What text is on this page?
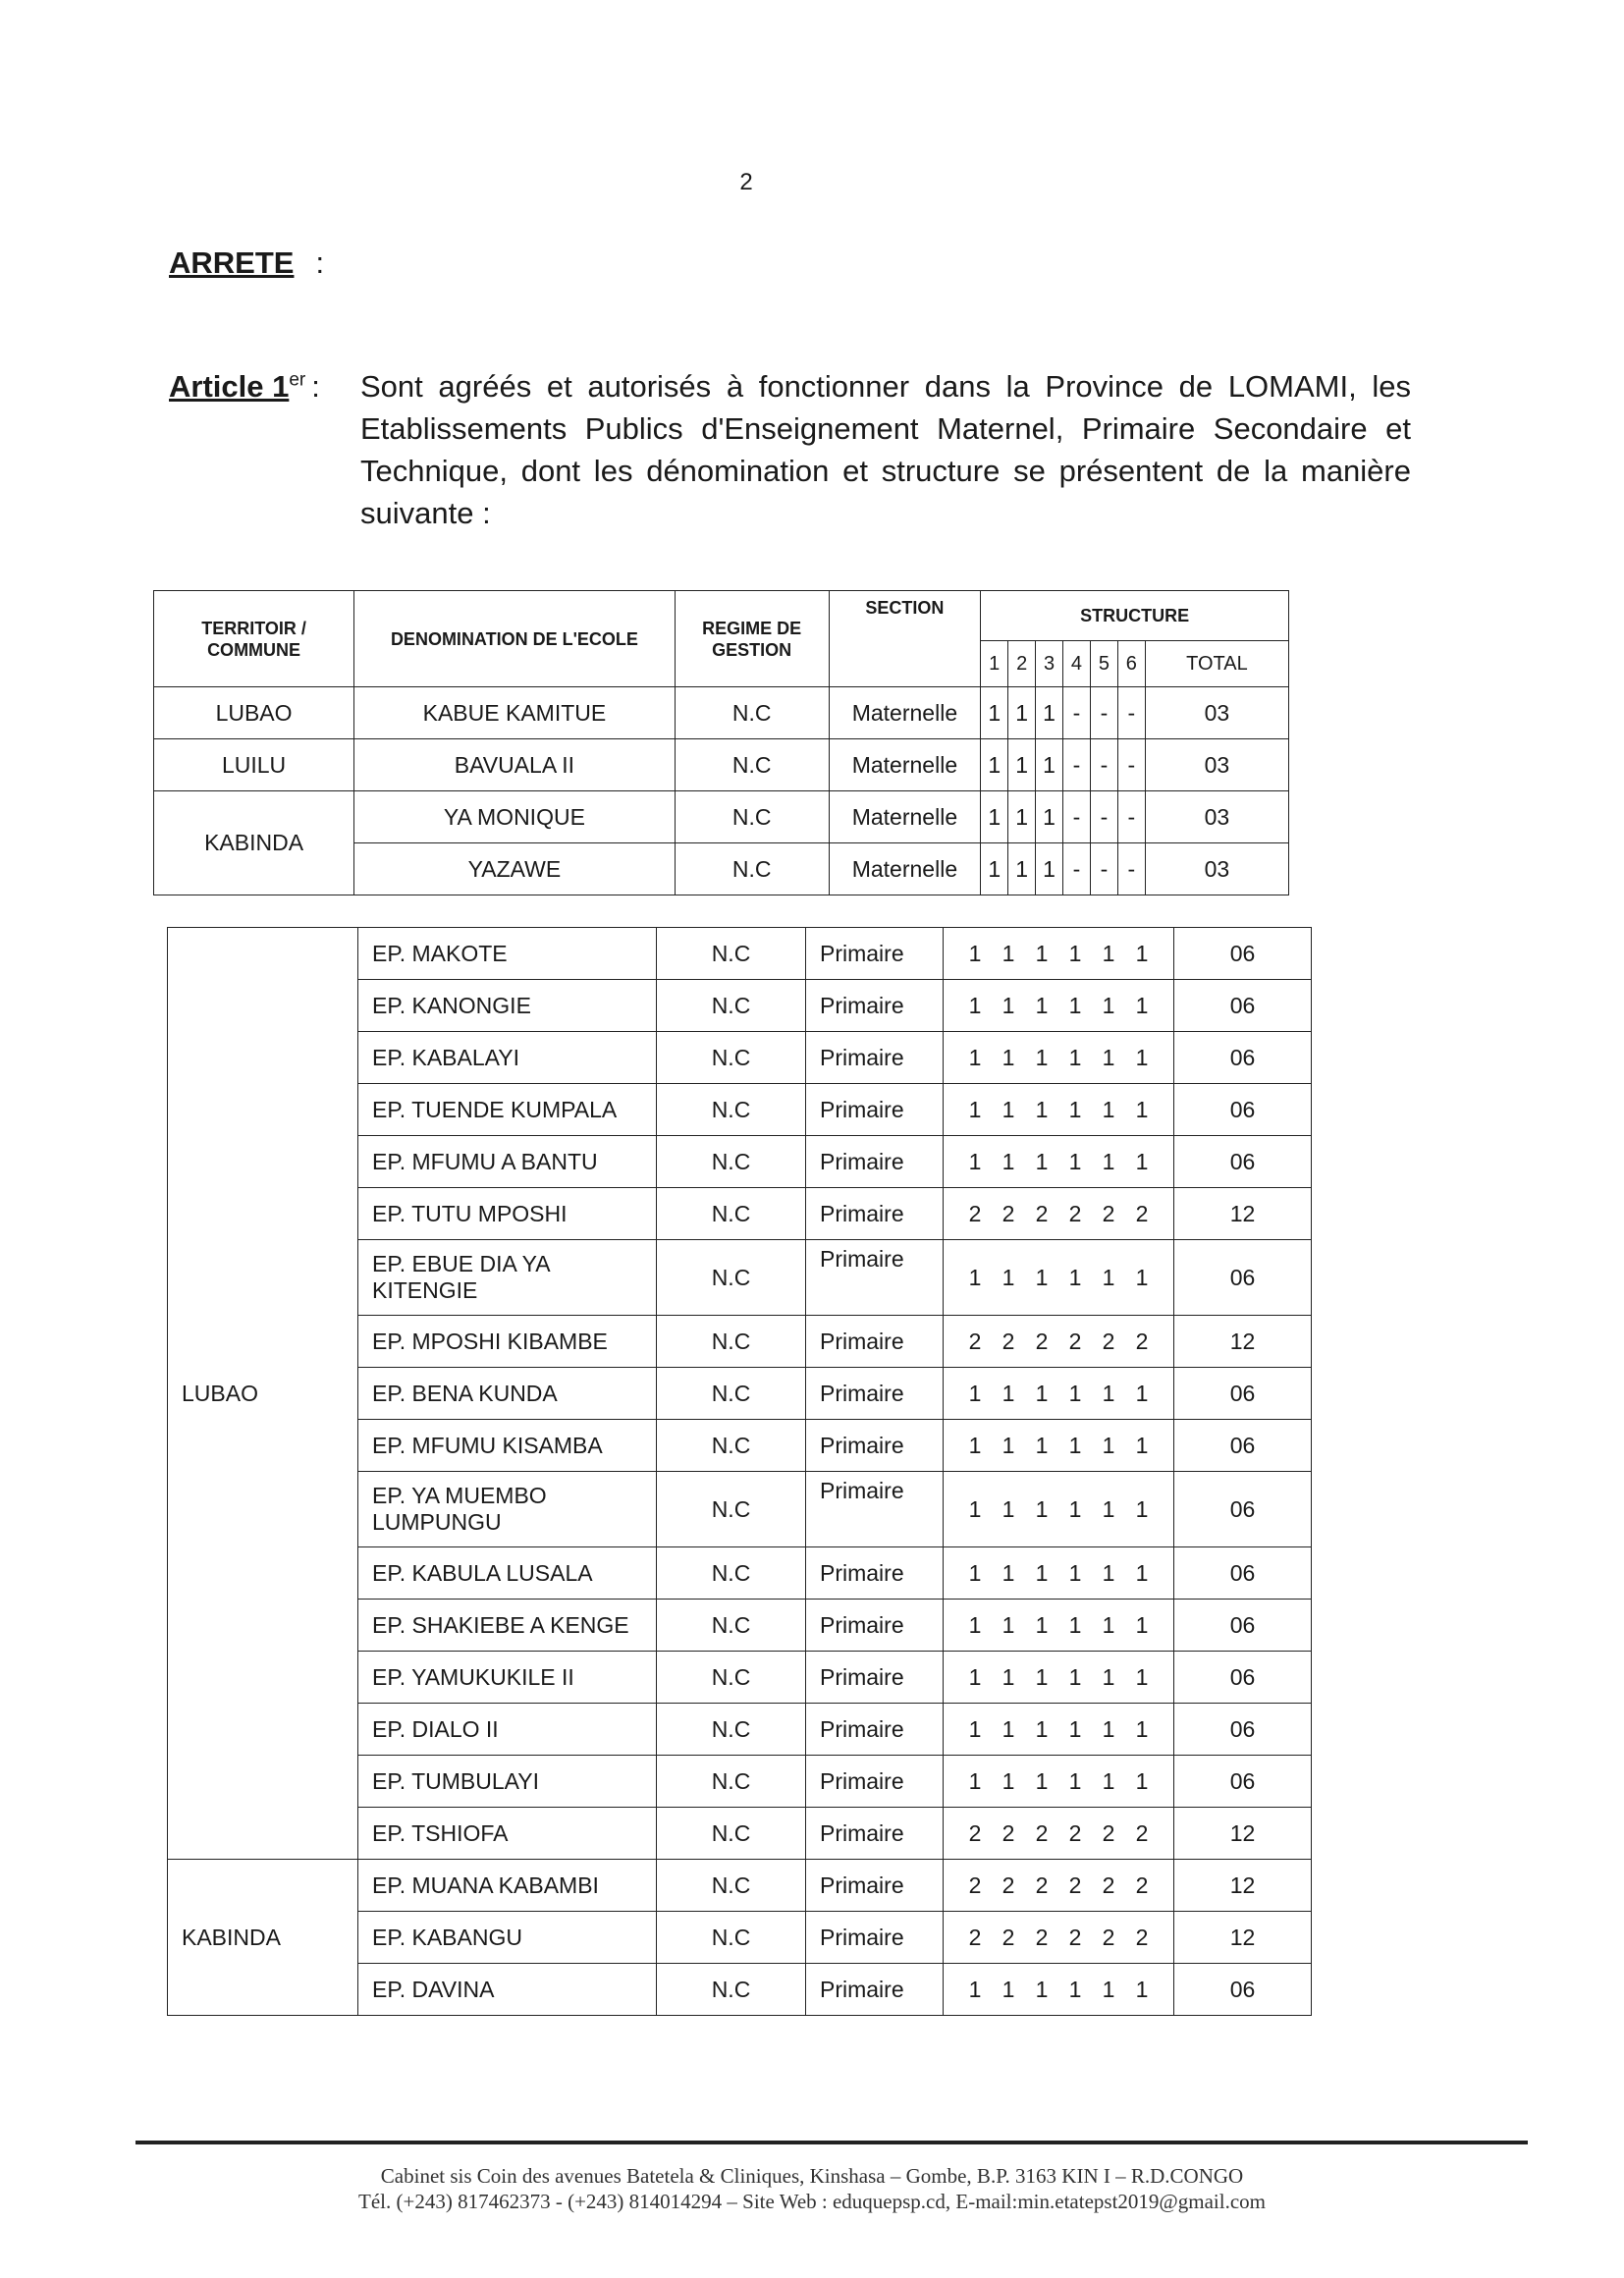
2
ARRETE :
Article 1er : Sont agréés et autorisés à fonctionner dans la Province de LOMAMI, les Etablissements Publics d'Enseignement Maternel, Primaire Secondaire et Technique, dont les dénomination et structure se présentent de la manière suivante :
TERRITOIR / COMMUNE	DENOMINATION DE L'ECOLE	REGIME DE GESTION	SECTION	STRUCTURE						
				1	2	3	4	5	6	TOTAL
LUBAO	KABUE KAMITUE	N.C	Maternelle	1	1	1	-	-	-	03
LUILU	BAVUALA II	N.C	Maternelle	1	1	1	-	-	-	03
KABINDA	YA MONIQUE	N.C	Maternelle	1	1	1	-	-	-	03
	YAZAWE	N.C	Maternelle	1	1	1	-	-	-	03
LUBAO	EP. MAKOTE	N.C	Primaire	1 1 1 1 1 1	06
	EP. KANONGIE	N.C	Primaire	1 1 1 1 1 1	06
	EP. KABALAYI	N.C	Primaire	1 1 1 1 1 1	06
	EP. TUENDE KUMPALA	N.C	Primaire	1 1 1 1 1 1	06
	EP. MFUMU A BANTU	N.C	Primaire	1 1 1 1 1 1	06
	EP. TUTU MPOSHI	N.C	Primaire	2 2 2 2 2 2	12
	EP. EBUE DIA YA KITENGIE	N.C	Primaire	1 1 1 1 1 1	06
	EP. MPOSHI KIBAMBE	N.C	Primaire	2 2 2 2 2 2	12
	EP. BENA KUNDA	N.C	Primaire	1 1 1 1 1 1	06
	EP. MFUMU KISAMBA	N.C	Primaire	1 1 1 1 1 1	06
	EP. YA MUEMBO LUMPUNGU	N.C	Primaire	1 1 1 1 1 1	06
	EP. KABULA LUSALA	N.C	Primaire	1 1 1 1 1 1	06
	EP. SHAKIEBE A KENGE	N.C	Primaire	1 1 1 1 1 1	06
	EP. YAMUKUKILE II	N.C	Primaire	1 1 1 1 1 1	06
	EP. DIALO II	N.C	Primaire	1 1 1 1 1 1	06
	EP. TUMBULAYI	N.C	Primaire	1 1 1 1 1 1	06
	EP. TSHIOFA	N.C	Primaire	2 2 2 2 2 2	12
KABINDA	EP. MUANA KABAMBI	N.C	Primaire	2 2 2 2 2 2	12
	EP. KABANGU	N.C	Primaire	2 2 2 2 2 2	12
	EP. DAVINA	N.C	Primaire	1 1 1 1 1 1	06
Cabinet sis Coin des avenues Batetela & Cliniques, Kinshasa – Gombe, B.P. 3163 KIN I – R.D.CONGO
Tél. (+243) 817462373 - (+243) 814014294 – Site Web : eduquepsp.cd, E-mail:min.etatepst2019@gmail.com
